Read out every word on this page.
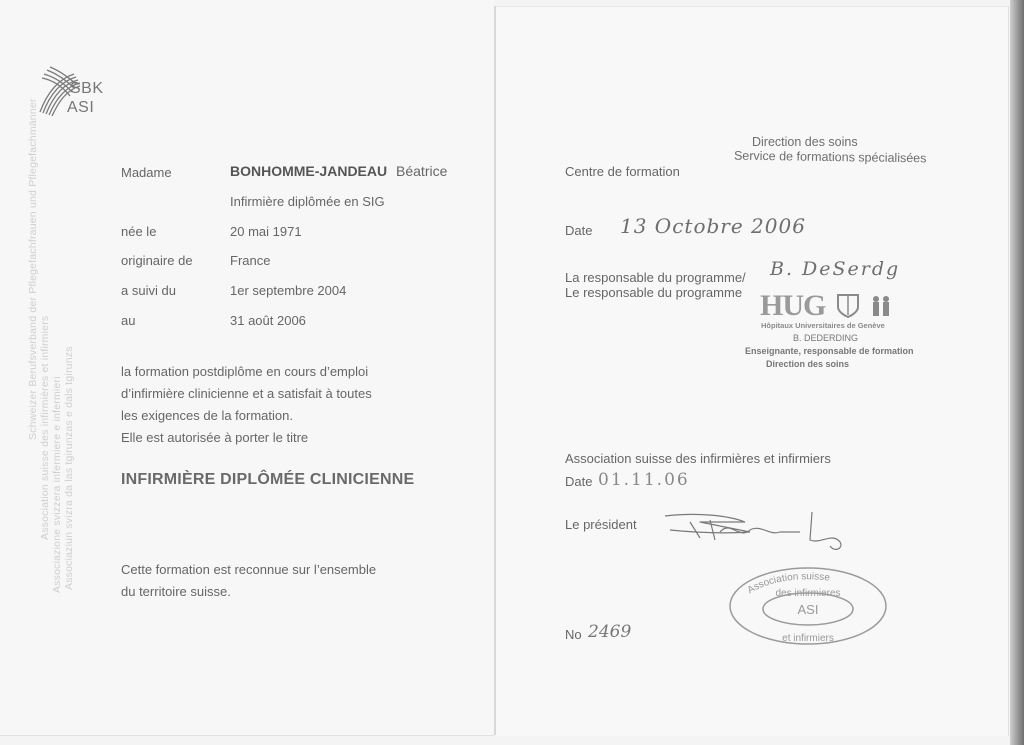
SBK
ASI
Schweizer Berufsverband der Pflegefachfrauen und Pflegefachmänner Association suisse des infirmières et infirmiers Associazione svizzera infermiere e infermieri Associaziun svizra da las tgirunzas e dals tgirunzs
Madame	BONHOMME-JANDEAU Béatrice
Infirmière diplômée en SIG
née le	20 mai 1971
originaire de	France
a suivi du	1er septembre 2004
au	31 août 2006
la formation postdiplôme en cours d’emploi
d’infirmière clinicienne et a satisfait à toutes
les exigences de la formation.
Elle est autorisée à porter le titre
INFIRMIÈRE DIPLÔMÉE CLINICIENNE
Cette formation est reconnue sur l’ensemble
du territoire suisse.
Direction des soins
Service de formations spécialisées
Centre de formation
Date 13 Octobre 2006
La responsable du programme/
Le responsable du programme
B. DeSerdg
HUG
Hôpitaux Universitaires de Genève
B. DEDERDING
Enseignante, responsable de formation
Direction des soins
Association suisse des infirmières et infirmiers
Date 01.11.06
Le président
Association suisse
des infirmieres
ASI
et infirmiers
No 2469
